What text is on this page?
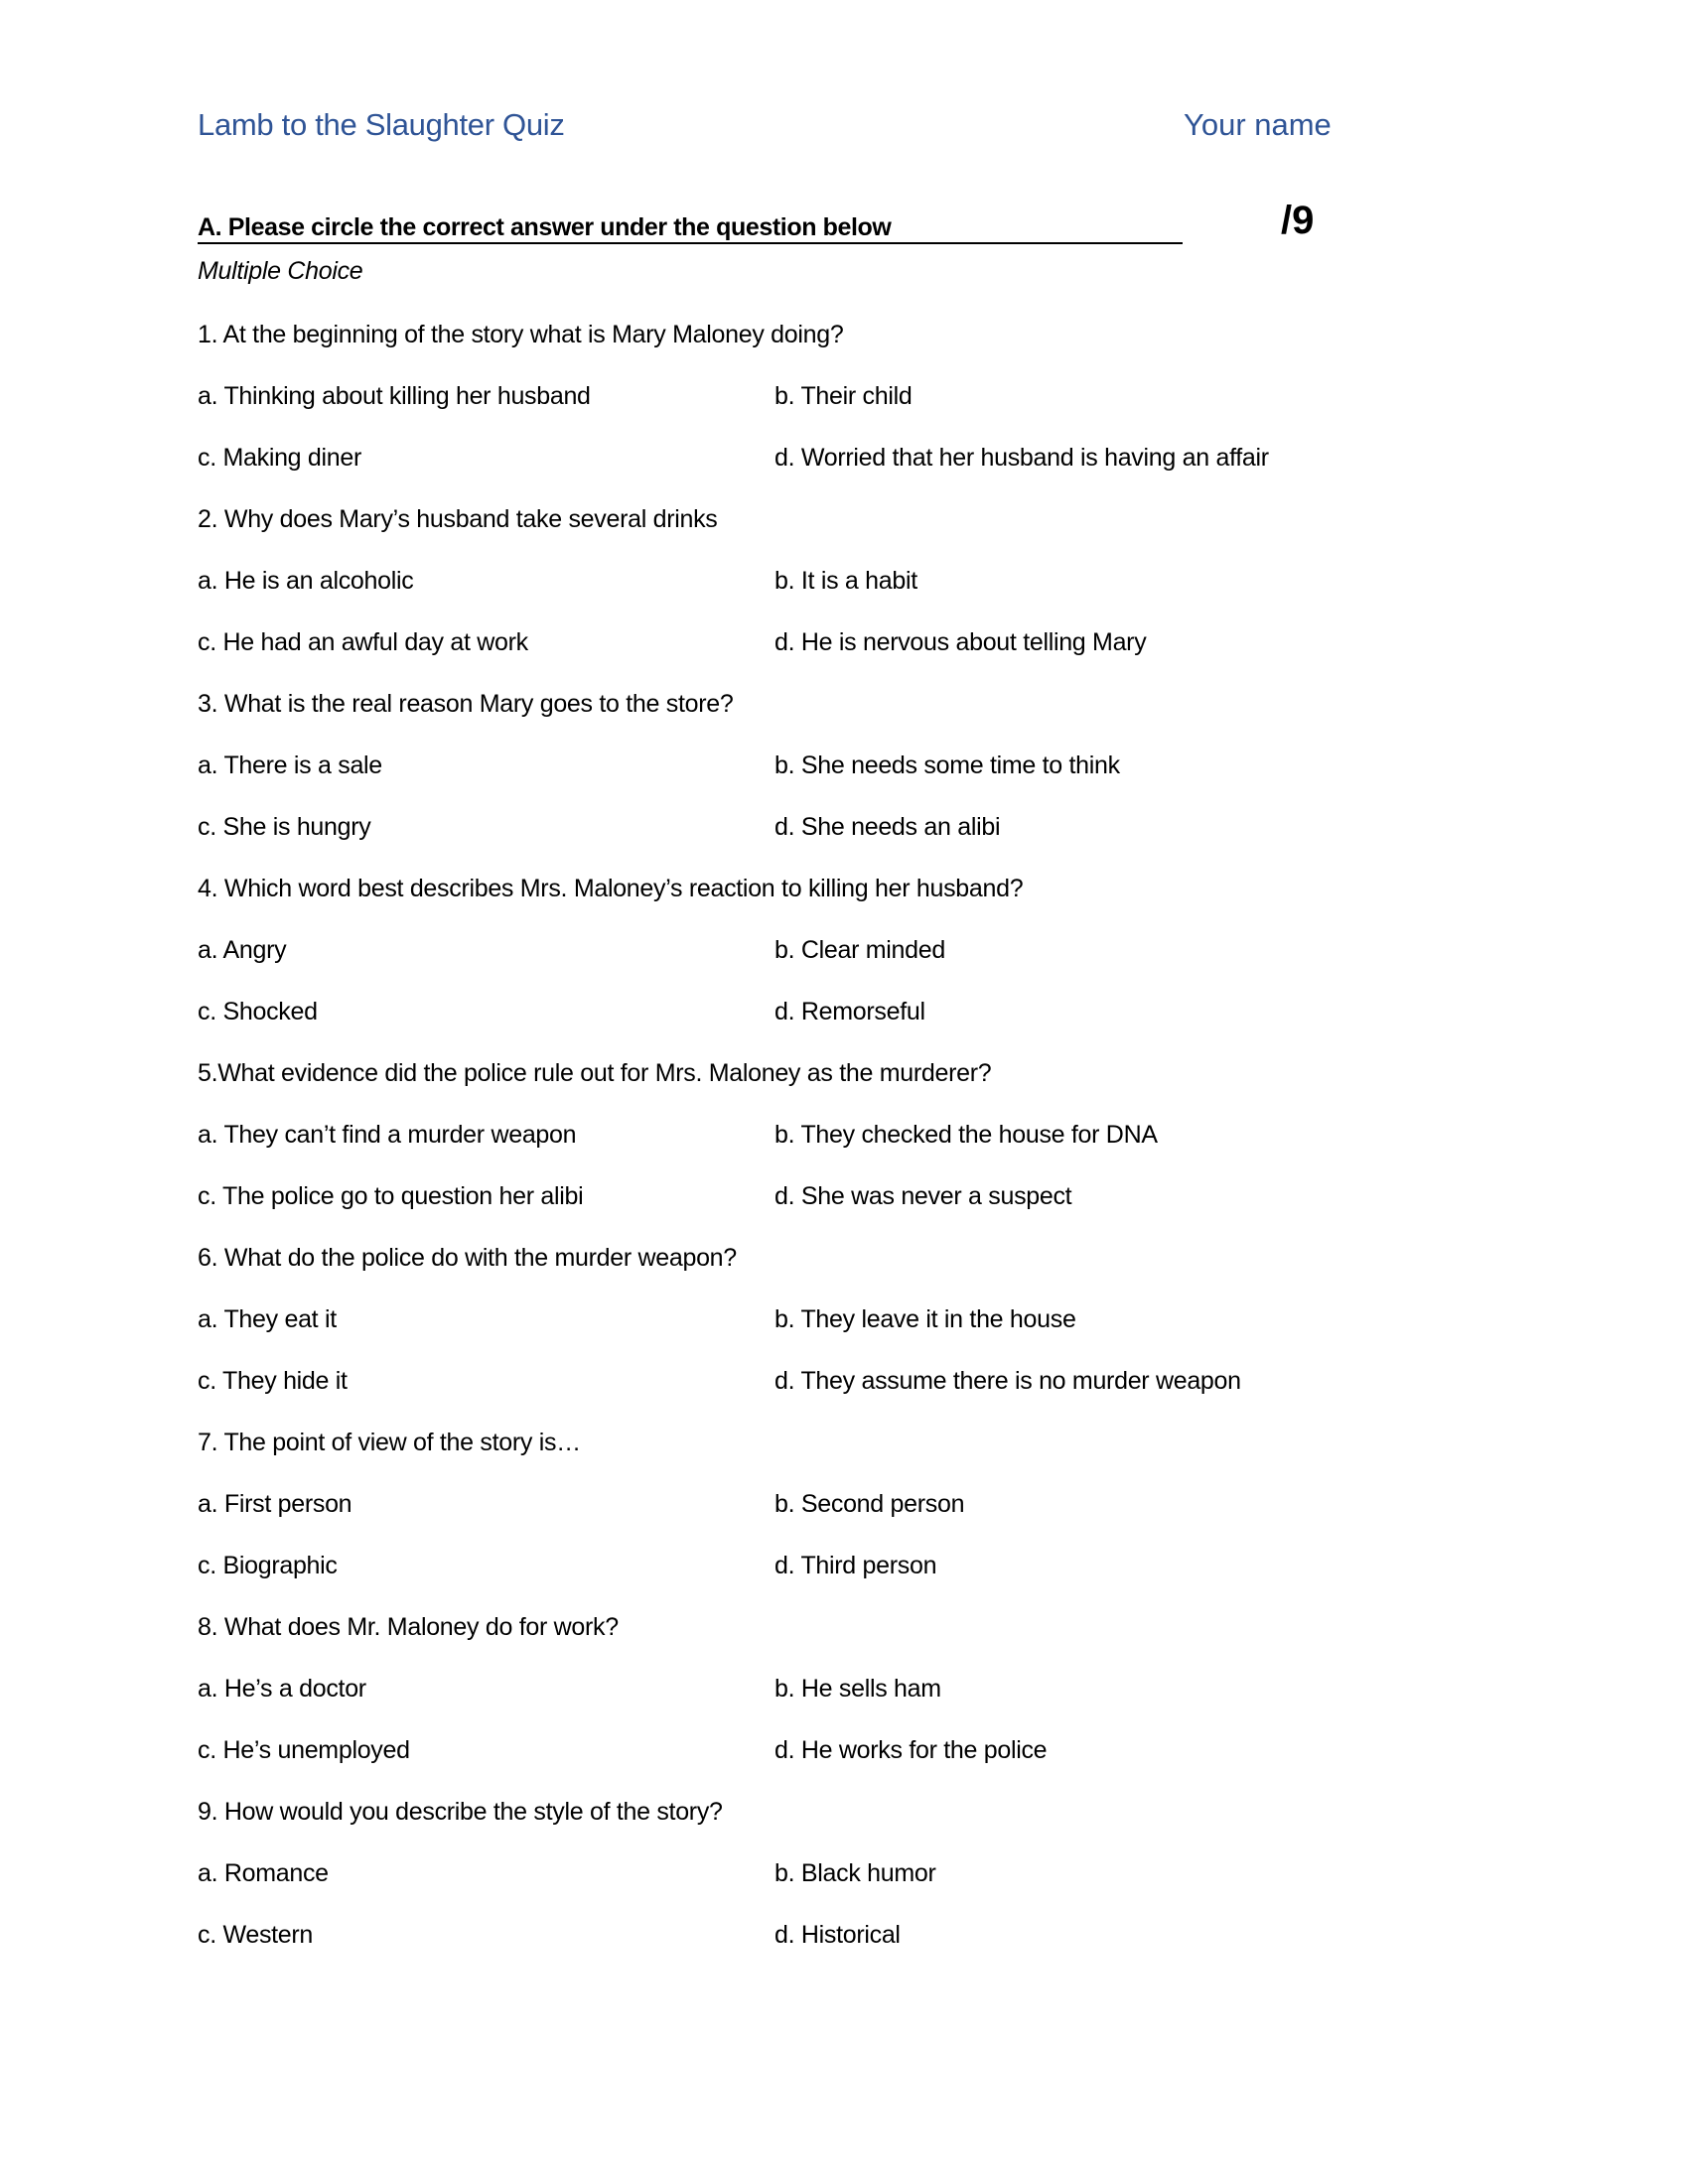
Lamb to the Slaughter Quiz	Your name
A. Please circle the correct answer under the question below	/9
Multiple Choice
1. At the beginning of the story what is Mary Maloney doing?
a. Thinking about killing her husband	b. Their child
c. Making diner	d. Worried that her husband is having an affair
2. Why does Mary’s husband take several drinks
a. He is an alcoholic	b. It is a habit
c. He had an awful day at work	d. He is nervous about telling Mary
3. What is the real reason Mary goes to the store?
a. There is a sale	b. She needs some time to think
c. She is hungry	d. She needs an alibi
4. Which word best describes Mrs. Maloney’s reaction to killing her husband?
a. Angry	b. Clear minded
c. Shocked	d. Remorseful
5.What evidence did the police rule out for Mrs. Maloney as the murderer?
a. They can’t find a murder weapon	b. They checked the house for DNA
c. The police go to question her alibi	d. She was never a suspect
6. What do the police do with the murder weapon?
a. They eat it	b. They leave it in the house
c. They hide it	d. They assume there is no murder weapon
7. The point of view of the story is…
a. First person	b. Second person
c. Biographic	d. Third person
8. What does Mr. Maloney do for work?
a. He’s a doctor	b. He sells ham
c. He’s unemployed	d. He works for the police
9. How would you describe the style of the story?
a. Romance	b. Black humor
c. Western	d. Historical
